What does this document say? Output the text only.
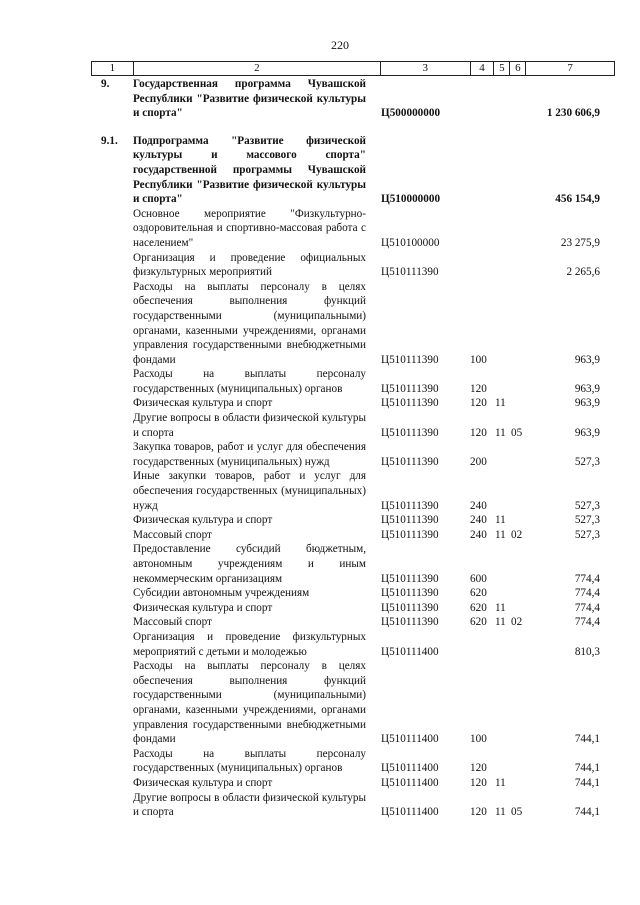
220
1	2	3	4	5 6	7
9.	Государственная программа Чувашской Республики "Развитие физической культуры и спорта"	Ц500000000	1 230 606,9
9.1.	Подпрограмма "Развитие физической культуры и массового спорта" государственной программы Чувашской Республики "Развитие физической культуры и спорта"	Ц510000000	456 154,9
Основное мероприятие "Физкультурно-оздоровительная и спортивно-массовая работа с населением"	Ц510100000	23 275,9
Организация и проведение официальных физкультурных мероприятий	Ц510111390	2 265,6
Расходы на выплаты персоналу в целях обеспечения выполнения функций государственными (муниципальными) органами, казенными учреждениями, органами управления государственными внебюджетными фондами	Ц510111390	100	963,9
Расходы на выплаты персоналу государственных (муниципальных) органов	Ц510111390	120	963,9
Физическая культура и спорт	Ц510111390	120 11	963,9
Другие вопросы в области физической культуры и спорта	Ц510111390	120 11 05	963,9
Закупка товаров, работ и услуг для обеспечения государственных (муниципальных) нужд	Ц510111390	200	527,3
Иные закупки товаров, работ и услуг для обеспечения государственных (муниципальных) нужд	Ц510111390	240	527,3
Физическая культура и спорт	Ц510111390	240 11	527,3
Массовый спорт	Ц510111390	240 11 02	527,3
Предоставление субсидий бюджетным, автономным учреждениям и иным некоммерческим организациям	Ц510111390	600	774,4
Субсидии автономным учреждениям	Ц510111390	620	774,4
Физическая культура и спорт	Ц510111390	620 11	774,4
Массовый спорт	Ц510111390	620 11 02	774,4
Организация и проведение физкультурных мероприятий с детьми и молодежью	Ц510111400	810,3
Расходы на выплаты персоналу в целях обеспечения выполнения функций государственными (муниципальными) органами, казенными учреждениями, органами управления государственными внебюджетными фондами	Ц510111400	100	744,1
Расходы на выплаты персоналу государственных (муниципальных) органов	Ц510111400	120	744,1
Физическая культура и спорт	Ц510111400	120 11	744,1
Другие вопросы в области физической культуры и спорта	Ц510111400	120 11 05	744,1
